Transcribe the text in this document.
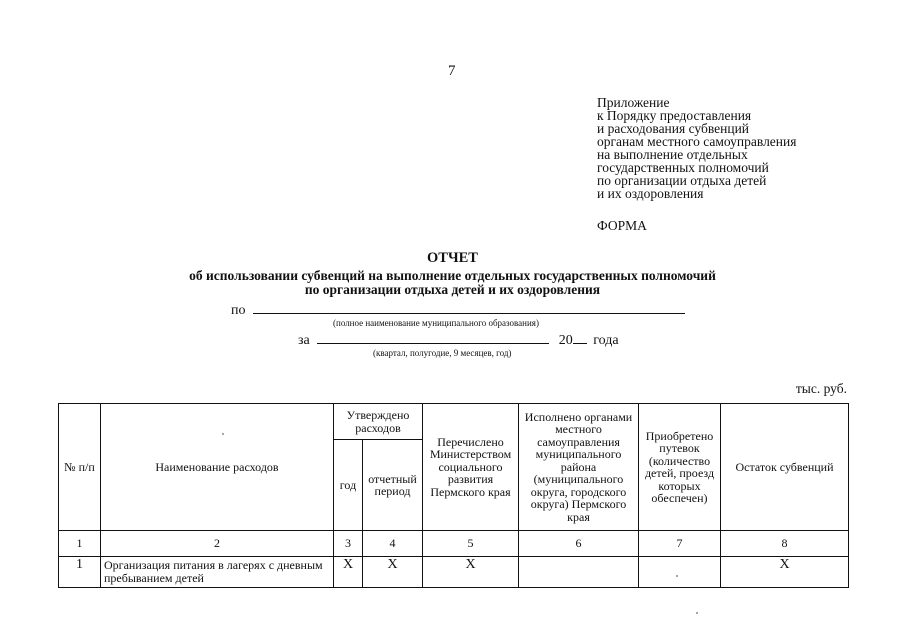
7
Приложение
к Порядку предоставления
и расходования субвенций
органам местного самоуправления
на выполнение отдельных
государственных полномочий
по организации отдыха детей
и их оздоровления
ФОРМА
ОТЧЕТ
об использовании субвенций на выполнение отдельных государственных полномочий
по организации отдыха детей и их оздоровления
по
(полное наименование муниципального образования)
за	20 года
(квартал, полугодие, 9 месяцев, год)
тыс. руб.
№ п/п	Наименование расходов	Утверждено расходов		Перечислено Министерством социального развития Пермского края	Исполнено органами местного самоуправления муниципального района (муниципального округа, городского округа) Пермского края	Приобретено путевок (количество детей, проезд которых обеспечен)	Остаток субвенций
		год	отчетный период				
1	2	3	4	5	6	7	8
1	Организация питания в лагерях с дневным пребыванием детей	Х	Х	Х			Х
